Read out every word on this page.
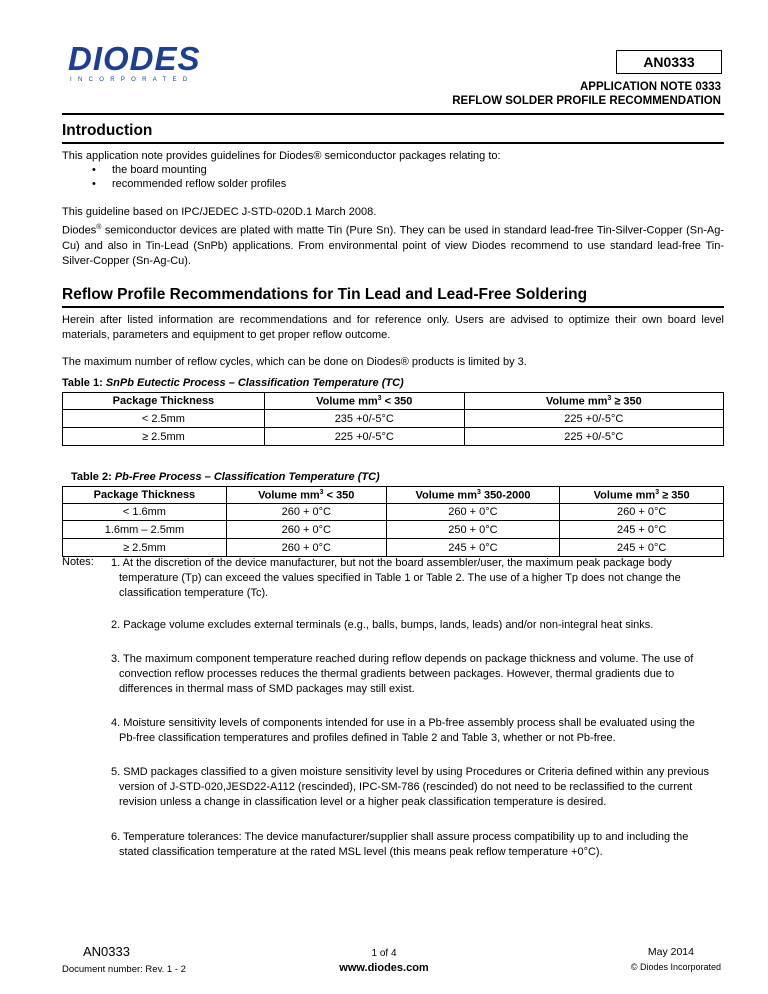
DIODES
INCORPORATED
AN0333
APPLICATION NOTE 0333
REFLOW SOLDER PROFILE RECOMMENDATION
Introduction
This application note provides guidelines for Diodes® semiconductor packages relating to:
• the board mounting
• recommended reflow solder profiles
This guideline based on IPC/JEDEC J-STD-020D.1 March 2008.
Diodes® semiconductor devices are plated with matte Tin (Pure Sn). They can be used in standard lead-free Tin-Silver-Copper (Sn-Ag-Cu) and also in Tin-Lead (SnPb) applications. From environmental point of view Diodes recommend to use standard lead-free Tin-Silver-Copper (Sn-Ag-Cu).
Reflow Profile Recommendations for Tin Lead and Lead-Free Soldering
Herein after listed information are recommendations and for reference only. Users are advised to optimize their own board level materials, parameters and equipment to get proper reflow outcome.
The maximum number of reflow cycles, which can be done on Diodes® products is limited by 3.
Table 1: SnPb Eutectic Process – Classification Temperature (TC)
Package Thickness	Volume $mm^3 < 350$	Volume $mm^3 \ge 350$
< 2.5mm	235 +0/-5°C	225 +0/-5°C
≥ 2.5mm	225 +0/-5°C	225 +0/-5°C
Table 2: Pb-Free Process – Classification Temperature (TC)
Package Thickness	Volume $mm^3 < 350$	Volume $mm^3$ 350-2000	Volume $mm^3 \ge 350$
< 1.6mm	260 + 0°C	260 + 0°C	260 + 0°C
1.6mm – 2.5mm	260 + 0°C	250 + 0°C	245 + 0°C
≥ 2.5mm	260 + 0°C	245 + 0°C	245 + 0°C
Notes: 1. At the discretion of the device manufacturer, but not the board assembler/user, the maximum peak package body temperature (Tp) can exceed the values specified in Table 1 or Table 2. The use of a higher Tp does not change the classification temperature (Tc).
2. Package volume excludes external terminals (e.g., balls, bumps, lands, leads) and/or non-integral heat sinks.
3. The maximum component temperature reached during reflow depends on package thickness and volume. The use of convection reflow processes reduces the thermal gradients between packages. However, thermal gradients due to differences in thermal mass of SMD packages may still exist.
4. Moisture sensitivity levels of components intended for use in a Pb-free assembly process shall be evaluated using the Pb-free classification temperatures and profiles defined in Table 2 and Table 3, whether or not Pb-free.
5. SMD packages classified to a given moisture sensitivity level by using Procedures or Criteria defined within any previous version of J-STD-020,JESD22-A112 (rescinded), IPC-SM-786 (rescinded) do not need to be reclassified to the current revision unless a change in classification level or a higher peak classification temperature is desired.
6. Temperature tolerances: The device manufacturer/supplier shall assure process compatibility up to and including the stated classification temperature at the rated MSL level (this means peak reflow temperature +0°C).
AN0333
Document number: Rev. 1 - 2
1 of 4
www.diodes.com
May 2014
© Diodes Incorporated
